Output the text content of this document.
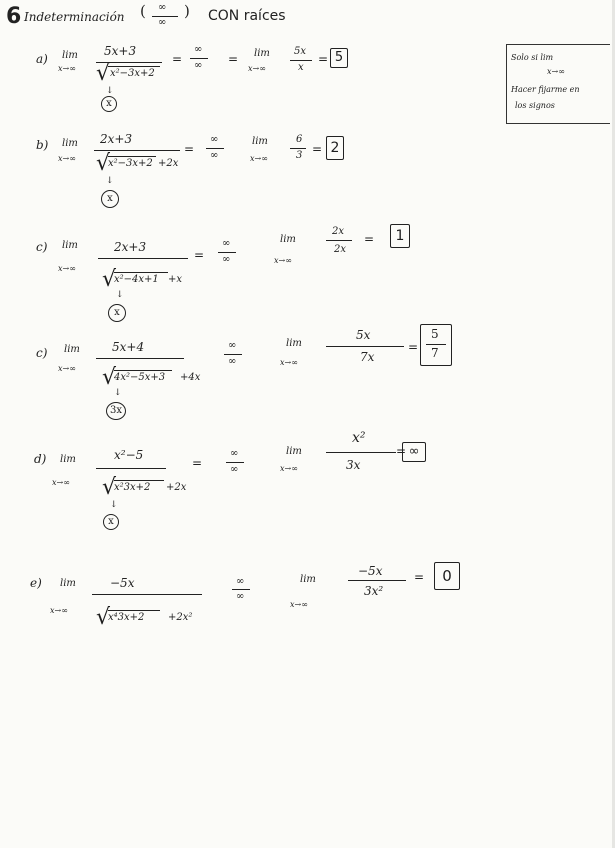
6 Indeterminación ( ∞
∞
) CON raíces
Solo si lim
x→∞
Hacer fijarme en
los signos
a) lim
x→∞
5x+3
√
x²−3x+2
↓
x
=
∞
∞ = lim
x→∞
5x
x
= 5
b) lim
x→∞
2x+3
√
x²−3x+2 +2x
↓
x
=
∞
∞
lim
x→∞
6
3 = 2
c) lim
x→∞
2x+3
√
x²−4x+1 +x
↓
x
=
∞
∞
lim
x→∞
2x
2x
=	1
c) lim
x→∞
5x+4
√
4x²−5x+3 +4x
↓
3x
∞
∞
lim
x→∞
5x
7x
=
5
7
d) lim
x→∞
x²−5
√
x²3x+2 +2x
↓
x
=
∞
∞
lim
x→∞
x²
3x
= ∞
e) lim
x→∞
−5x
√
x⁴3x+2 +2x²
∞
∞
lim
x→∞
−5x
3x²
=	0
